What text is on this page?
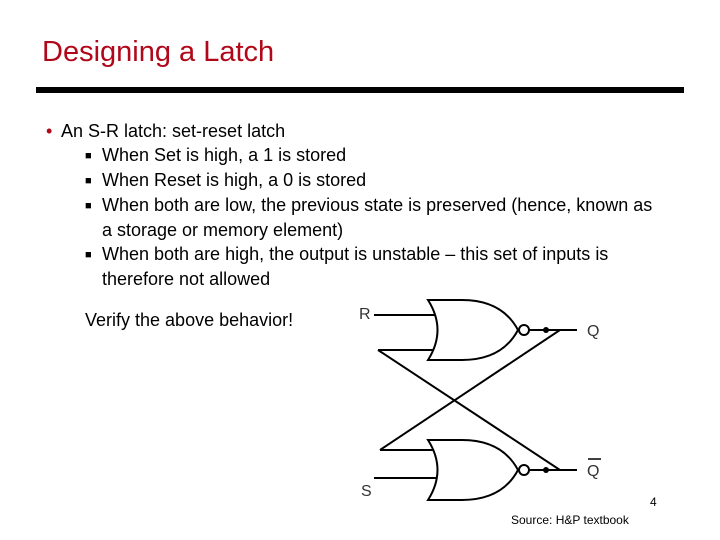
Designing a Latch
• An S-R latch: set-reset latch
■ When Set is high, a 1 is stored
■ When Reset is high, a 0 is stored
■ When both are low, the previous state is preserved (hence, known as a storage or memory element)
■ When both are high, the output is unstable – this set of inputs is therefore not allowed
Verify the above behavior!	R
S
Q
Q
4
Source: H&P textbook
